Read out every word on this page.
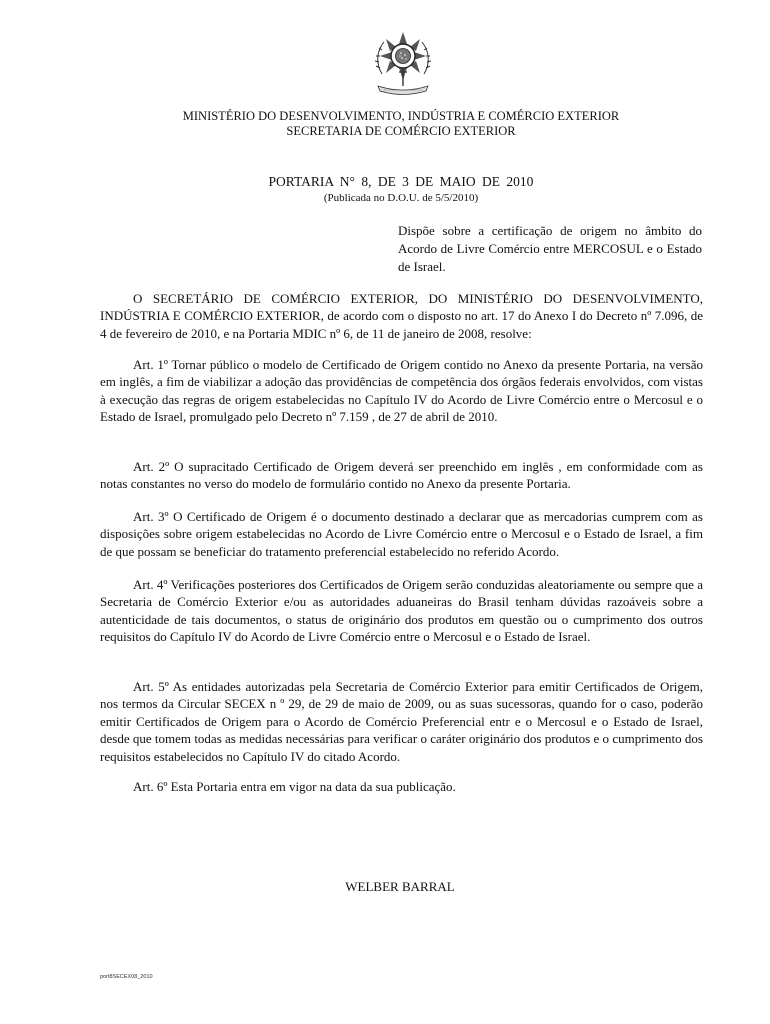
MINISTÉRIO DO DESENVOLVIMENTO, INDÚSTRIA E COMÉRCIO EXTERIOR
SECRETARIA DE COMÉRCIO EXTERIOR
PORTARIA N° 8, DE 3 DE MAIO DE 2010
(Publicada no D.O.U. de 5/5/2010)
Dispõe sobre a certificação de origem no âmbito do Acordo de Livre Comércio entre MERCOSUL e o Estado de Israel.
O SECRETÁRIO DE COMÉRCIO EXTERIOR, DO MINISTÉRIO DO DESENVOLVIMENTO, INDÚSTRIA E COMÉRCIO EXTERIOR, de acordo com o disposto no art. 17 do Anexo I do Decreto nº 7.096, de 4 de fevereiro de 2010, e na Portaria MDIC nº 6, de 11 de janeiro de 2008, resolve:
Art. 1º Tornar público o modelo de Certificado de Origem contido no Anexo da presente Portaria, na versão em inglês, a fim de viabilizar a adoção das providências de competência dos órgãos federais envolvidos, com vistas à execução das regras de origem estabelecidas no Capítulo IV do Acordo de Livre Comércio entre o Mercosul e o Estado de Israel, promulgado pelo Decreto nº 7.159 , de 27 de abril de 2010.
Art. 2º O supracitado Certificado de Origem deverá ser preenchido em inglês , em conformidade com as notas constantes no verso do modelo de formulário contido no Anexo da presente Portaria.
Art. 3º O Certificado de Origem é o documento destinado a declarar que as mercadorias cumprem com as disposições sobre origem estabelecidas no Acordo de Livre Comércio entre o Mercosul e o Estado de Israel, a fim de que possam se beneficiar do tratamento preferencial estabelecido no referido Acordo.
Art. 4º Verificações posteriores dos Certificados de Origem serão conduzidas aleatoriamente ou sempre que a Secretaria de Comércio Exterior e/ou as autoridades aduaneiras do Brasil tenham dúvidas razoáveis sobre a autenticidade de tais documentos, o status de originário dos produtos em questão ou o cumprimento dos outros requisitos do Capítulo IV do Acordo de Livre Comércio entre o Mercosul e o Estado de Israel.
Art. 5º As entidades autorizadas pela Secretaria de Comércio Exterior para emitir Certificados de Origem, nos termos da Circular SECEX n º 29, de 29 de maio de 2009, ou as suas sucessoras, quando for o caso, poderão emitir Certificados de Origem para o Acordo de Comércio Preferencial entr e o Mercosul e o Estado de Israel, desde que tomem todas as medidas necessárias para verificar o caráter originário dos produtos e o cumprimento dos requisitos estabelecidos no Capítulo IV do citado Acordo.
Art. 6º Esta Portaria entra em vigor na data da sua publicação.
WELBER BARRAL
port8SECEX08_2010
